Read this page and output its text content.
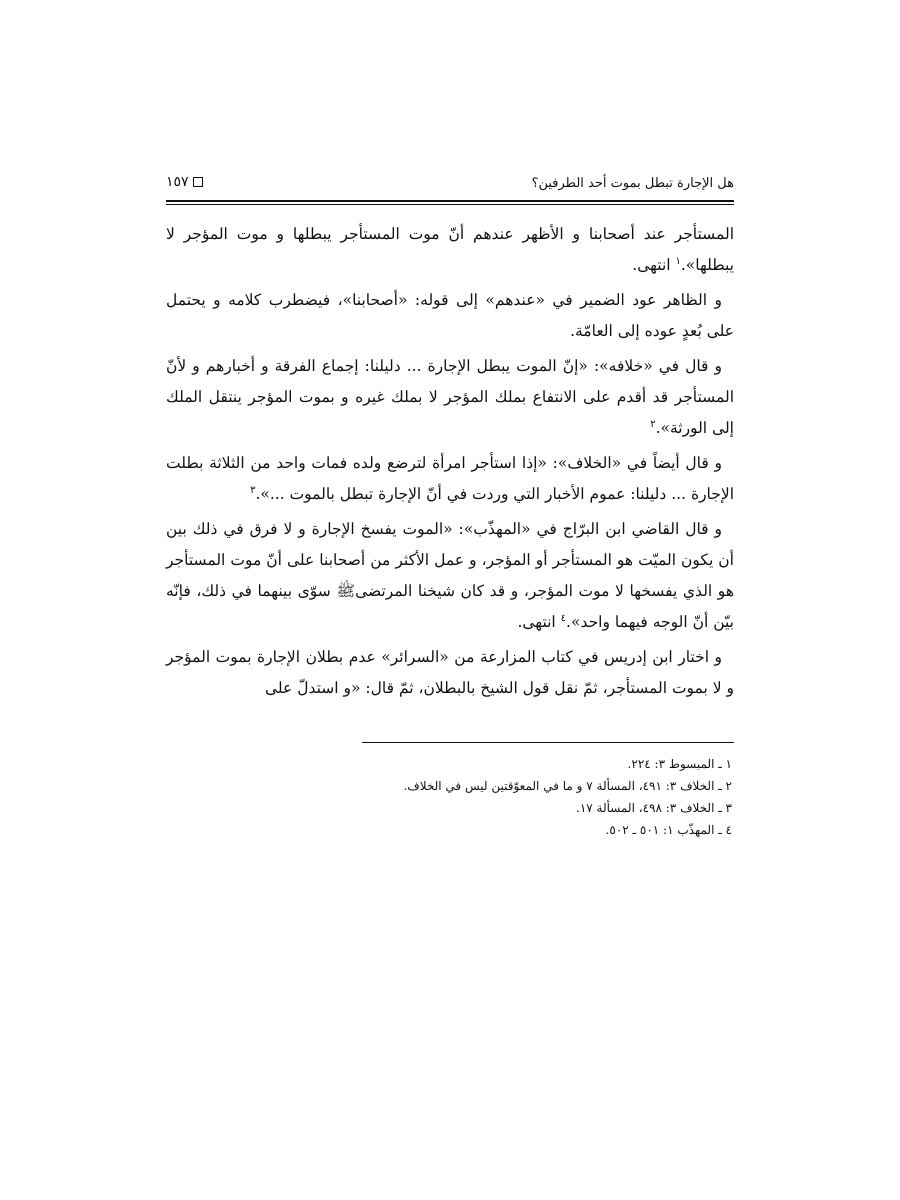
هل الإجارة تبطل بموت أحد الطرفين؟
١٥٧

المستأجر عند أصحابنا و الأظهر عندهم أنّ موت المستأجر يبطلها و موت المؤجر لا يبطلها».$^١$ انتهى.

و الظاهر عود الضمير في «عندهم» إلى قوله: «أصحابنا»، فيضطرب كلامه و يحتمل على بُعدٍ عوده إلى العامّة.

و قال في «خلافه»: «إنّ الموت يبطل الإجارة ... دليلنا: إجماع الفرقة و أخبارهم و لأنّ المستأجر قد أقدم على الانتفاع بملك المؤجر لا بملك غيره و بموت المؤجر ينتقل الملك إلى الورثة».$^٢$

و قال أيضاً في «الخلاف»: «إذا استأجر امرأة لترضع ولده فمات واحد من الثلاثة بطلت الإجارة ... دليلنا: عموم الأخبار التي وردت في أنّ الإجارة تبطل بالموت ...».$^٣$

و قال القاضي ابن البرّاج في «المهذّب»: «الموت يفسخ الإجارة و لا فرق في ذلك بين أن يكون الميّت هو المستأجر أو المؤجر، و عمل الأكثر من أصحابنا على أنّ موت المستأجر هو الذي يفسخها لا موت المؤجر، و قد كان شيخنا المرتضىﷺ سوّى بينهما في ذلك، فإنّه بيّن أنّ الوجه فيهما واحد».$^٤$ انتهى.

و اختار ابن إدريس في كتاب المزارعة من «السرائر» عدم بطلان الإجارة بموت المؤجر و لا بموت المستأجر، ثمّ نقل قول الشيخ بالبطلان، ثمّ قال: «و استدلّ على

١ ـ المبسوط ٣: ٢٢٤.

٢ ـ الخلاف ٣: ٤٩١، المسألة ٧ و ما في المعوّقتين ليس في الخلاف.

٣ ـ الخلاف ٣: ٤٩٨، المسألة ١٧.

٤ ـ المهذّب ١: ٥٠١ ـ ٥٠٢.
